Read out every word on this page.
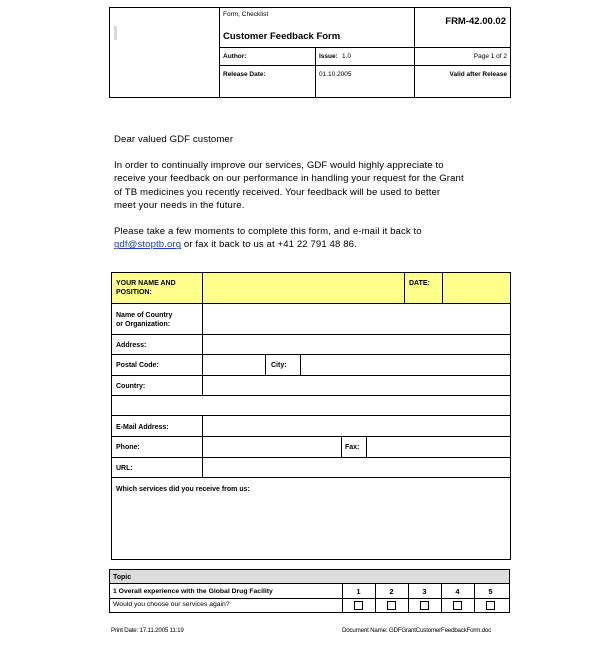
Form, Checklist
Customer Feedback Form
FRM-42.00.02
Author:	Issue: 1.0	Page 1 of 2
Release Date:	01.10.2005	Valid after Release
Dear valued GDF customer
In order to continually improve our services, GDF would highly appreciate to
receive your feedback on our performance in handling your request for the Grant
of TB medicines you recently received. Your feedback will be used to better
meet your needs in the future.
Please take a few moments to complete this form, and e-mail it back to
gdf@stoptb.org or fax it back to us at +41 22 791 48 86.
YOUR NAME AND
POSITION:
DATE:
Name of Country
or Organization:
Address:
Postal Code:	City:
Country:
E-Mail Address:
Phone:	Fax:
URL:
Which services did you receive from us:
Topic
1 Overall experience with the Global Drug Facility	1	2	3	4	5
Would you choose our services again?
Print Date: 17.11.2005 11:19	Document Name: GDFGrantCustomerFeedbackForm.doc
